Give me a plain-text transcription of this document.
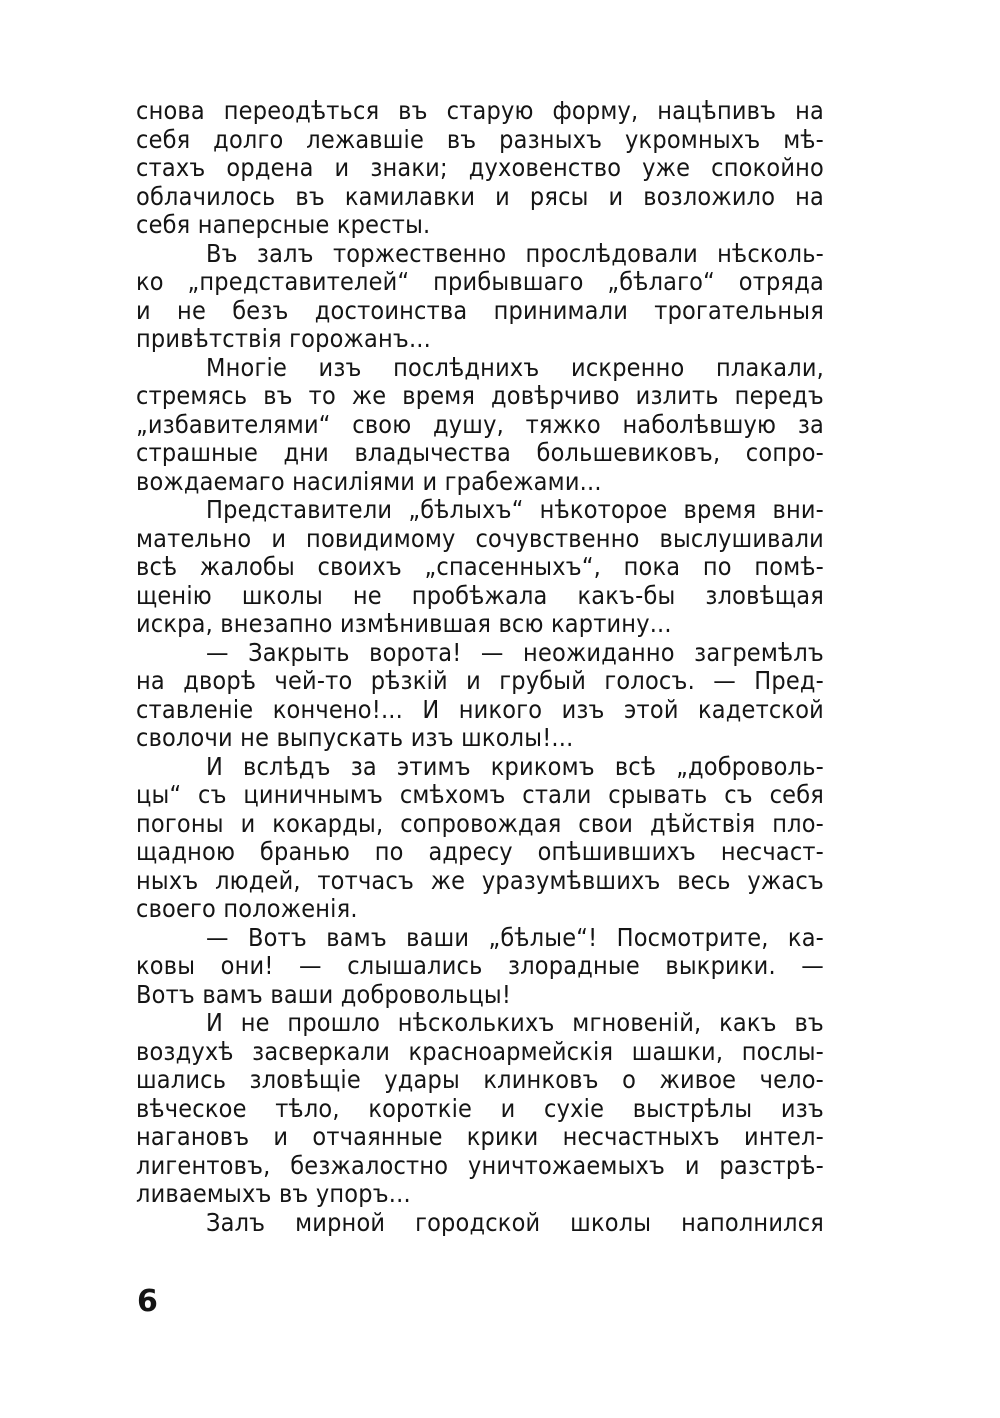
снова переодѣться въ старую форму, нацѣпивъ на
себя долго лежавшіе въ разныхъ укромныхъ мѣ-
стахъ ордена и знаки; духовенство уже спокойно
облачилось въ камилавки и рясы и возложило на
себя наперсные кресты.
Въ залъ торжественно прослѣдовали нѣсколь-
ко „представителей“ прибывшаго „бѣлаго“ отряда
и не безъ достоинства принимали трогательныя
привѣтствія горожанъ...
Многіе изъ послѣднихъ искренно плакали,
стремясь въ то же время довѣрчиво излить передъ
„избавителями“ свою душу, тяжко наболѣвшую за
страшные дни владычества большевиковъ, сопро-
вождаемаго насиліями и грабежами...
Представители „бѣлыхъ“ нѣкоторое время вни-
мательно и повидимому сочувственно выслушивали
всѣ жалобы своихъ „спасенныхъ“, пока по помѣ-
щенію школы не пробѣжала какъ-бы зловѣщая
искра, внезапно измѣнившая всю картину...
— Закрыть ворота! — неожиданно загремѣлъ
на дворѣ чей-то рѣзкій и грубый голосъ. — Пред-
ставленіе кончено!... И никого изъ этой кадетской
сволочи не выпускать изъ школы!...
И вслѣдъ за этимъ крикомъ всѣ „доброволь-
цы“ съ циничнымъ смѣхомъ стали срывать съ себя
погоны и кокарды, сопровождая свои дѣйствія пло-
щадною бранью по адресу опѣшившихъ несчаст-
ныхъ людей, тотчасъ же уразумѣвшихъ весь ужасъ
своего положенія.
— Вотъ вамъ ваши „бѣлые“! Посмотрите, ка-
ковы они! — слышались злорадные выкрики. —
Вотъ вамъ ваши добровольцы!
И не прошло нѣсколькихъ мгновеній, какъ въ
воздухѣ засверкали красноармейскія шашки, послы-
шались зловѣщіе удары клинковъ о живое чело-
вѣческое тѣло, короткіе и сухіе выстрѣлы изъ
нагановъ и отчаянные крики несчастныхъ интел-
лигентовъ, безжалостно уничтожаемыхъ и разстрѣ-
ливаемыхъ въ упоръ...
Залъ мирной городской школы наполнился
6
